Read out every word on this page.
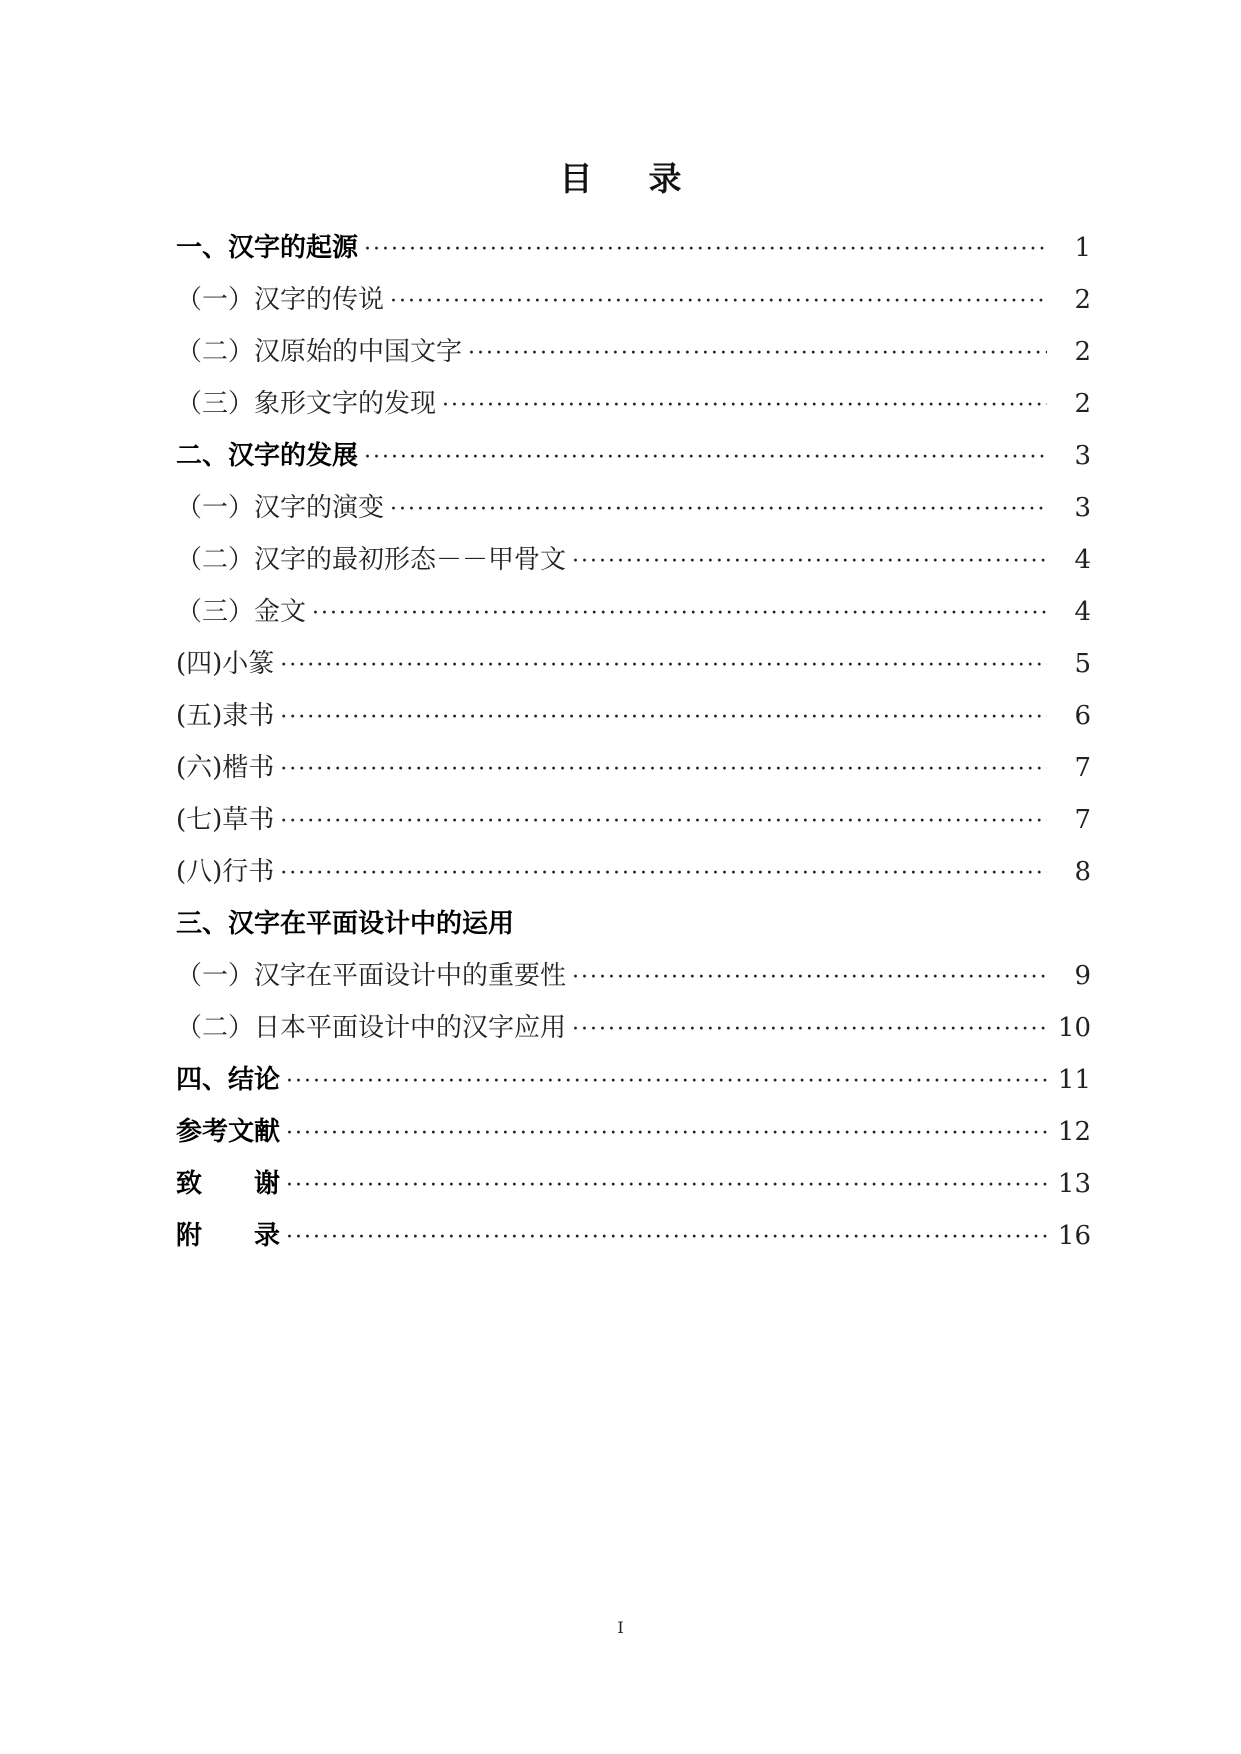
目 录
一、汉字的起源 ·····	1
（一）汉字的传说 ·····	2
（二）汉原始的中国文字 ·····	2
（三）象形文字的发现 ·····	2
二、汉字的发展 ·····	3
（一）汉字的演变 ·····	3
（二）汉字的最初形态－－甲骨文 ·····	4
（三）金文 ·····	4
(四)小篆 ·····	5
(五)隶书 ·····	6
(六)楷书 ·····	7
(七)草书 ·····	7
(八)行书 ·····	8
三、汉字在平面设计中的运用
（一）汉字在平面设计中的重要性 ·····	9
（二）日本平面设计中的汉字应用 ·····	10
四、结论 ·····	11
参考文献 ·····	12
致　　谢 ·····	13
附　　录 ·····	16
I
